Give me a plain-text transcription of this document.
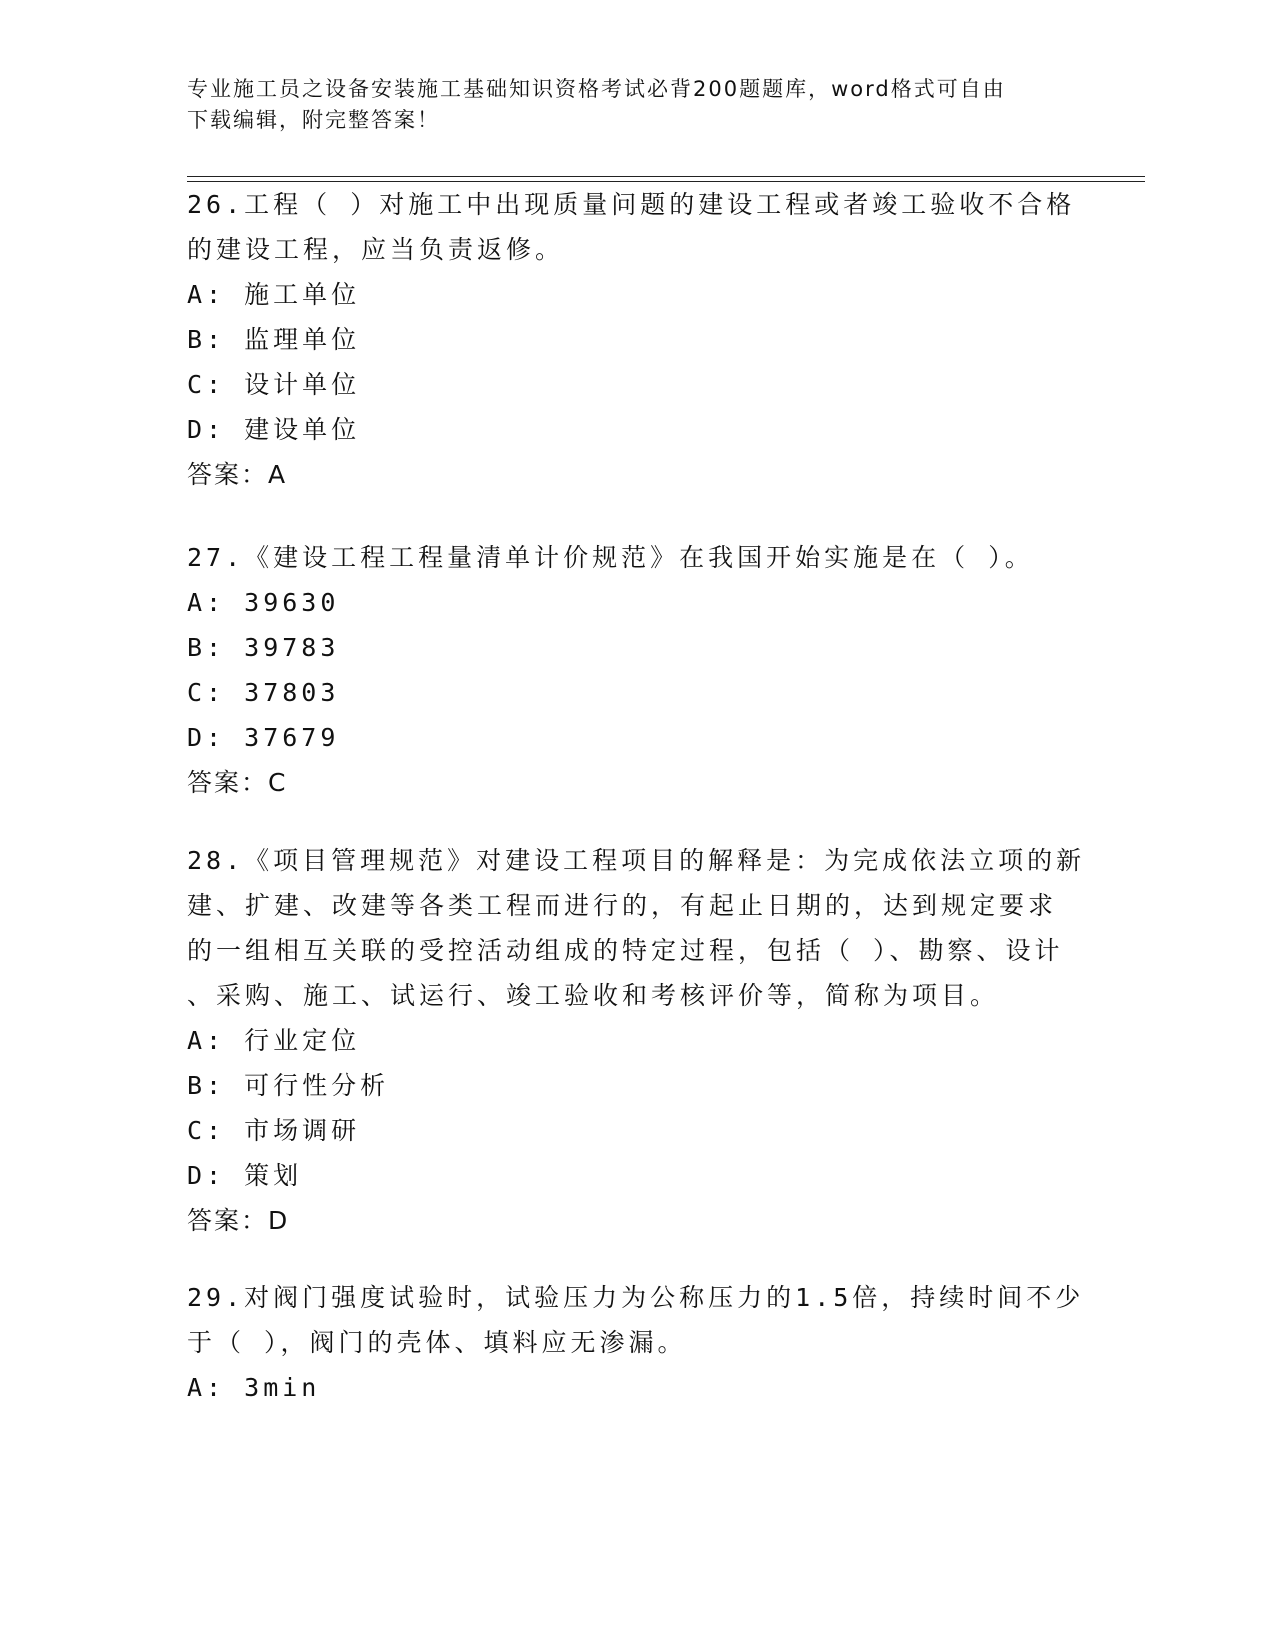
专业施工员之设备安装施工基础知识资格考试必背200题题库，word格式可自由
下载编辑，附完整答案！

26.工程（ ）对施工中出现质量问题的建设工程或者竣工验收不合格

的建设工程，应当负责返修。

A: 施工单位

B: 监理单位

C: 设计单位

D: 建设单位

答案：A

27.《建设工程工程量清单计价规范》在我国开始实施是在（ ）。

A: 39630

B: 39783

C: 37803

D: 37679

答案：C

28.《项目管理规范》对建设工程项目的解释是：为完成依法立项的新

建、扩建、改建等各类工程而进行的，有起止日期的，达到规定要求

的一组相互关联的受控活动组成的特定过程，包括（ ）、勘察、设计

、采购、施工、试运行、竣工验收和考核评价等，简称为项目。

A: 行业定位

B: 可行性分析

C: 市场调研

D: 策划

答案：D

29.对阀门强度试验时，试验压力为公称压力的1.5倍，持续时间不少

于（ ），阀门的壳体、填料应无渗漏。

A: 3min
